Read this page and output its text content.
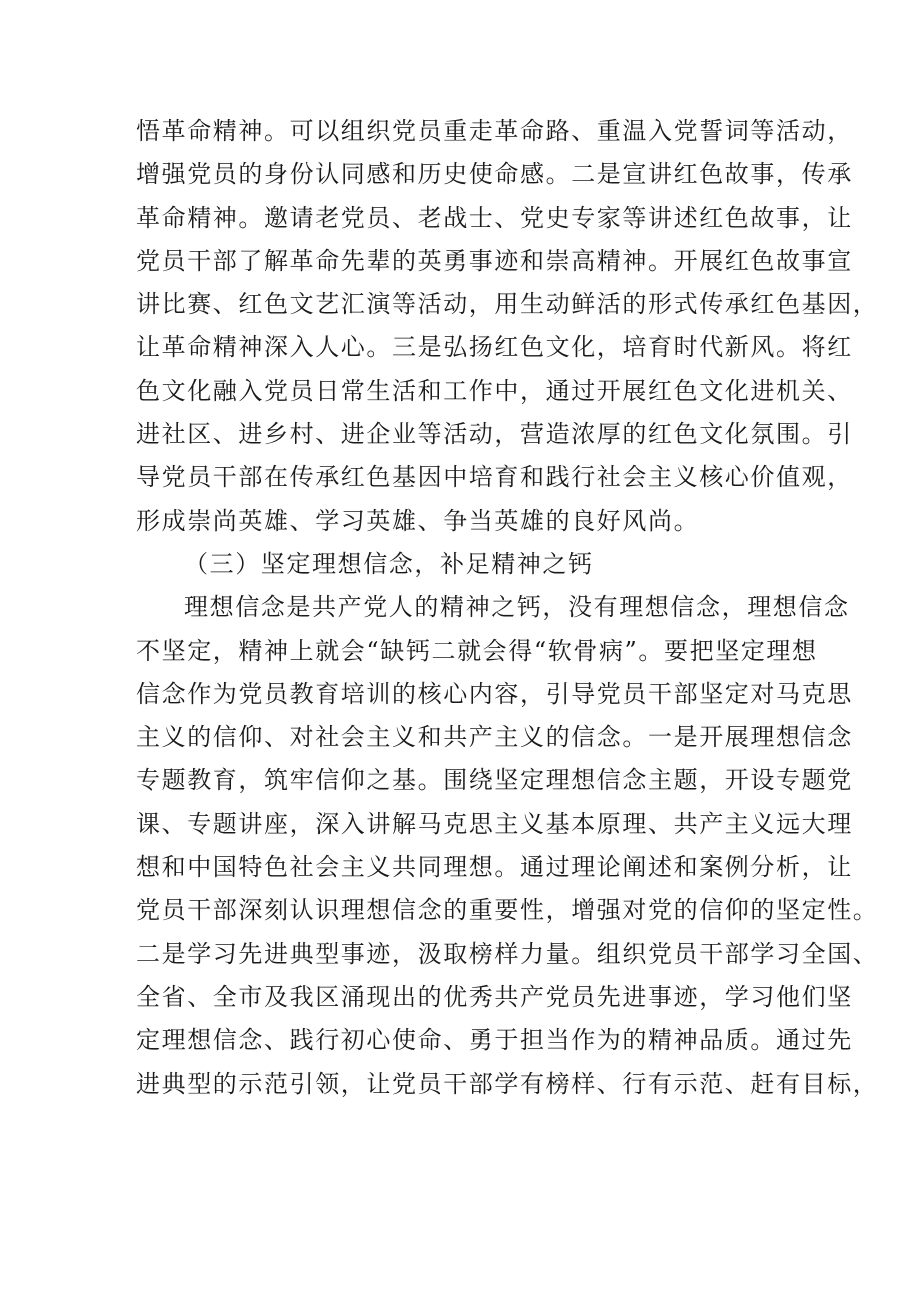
悟革命精神。可以组织党员重走革命路、重温入党誓词等活动，
增强党员的身份认同感和历史使命感。二是宣讲红色故事，传承
革命精神。邀请老党员、老战士、党史专家等讲述红色故事，让
党员干部了解革命先辈的英勇事迹和崇高精神。开展红色故事宣
讲比赛、红色文艺汇演等活动，用生动鲜活的形式传承红色基因，
让革命精神深入人心。三是弘扬红色文化，培育时代新风。将红
色文化融入党员日常生活和工作中，通过开展红色文化进机关、
进社区、进乡村、进企业等活动，营造浓厚的红色文化氛围。引
导党员干部在传承红色基因中培育和践行社会主义核心价值观，
形成崇尚英雄、学习英雄、争当英雄的良好风尚。
（三）坚定理想信念，补足精神之钙
理想信念是共产党人的精神之钙，没有理想信念，理想信念
不坚定，精神上就会“缺钙二就会得“软骨病”。要把坚定理想
信念作为党员教育培训的核心内容，引导党员干部坚定对马克思
主义的信仰、对社会主义和共产主义的信念。一是开展理想信念
专题教育，筑牢信仰之基。围绕坚定理想信念主题，开设专题党
课、专题讲座，深入讲解马克思主义基本原理、共产主义远大理
想和中国特色社会主义共同理想。通过理论阐述和案例分析，让
党员干部深刻认识理想信念的重要性，增强对党的信仰的坚定性。
二是学习先进典型事迹，汲取榜样力量。组织党员干部学习全国、
全省、全市及我区涌现出的优秀共产党员先进事迹，学习他们坚
定理想信念、践行初心使命、勇于担当作为的精神品质。通过先
进典型的示范引领，让党员干部学有榜样、行有示范、赶有目标，
